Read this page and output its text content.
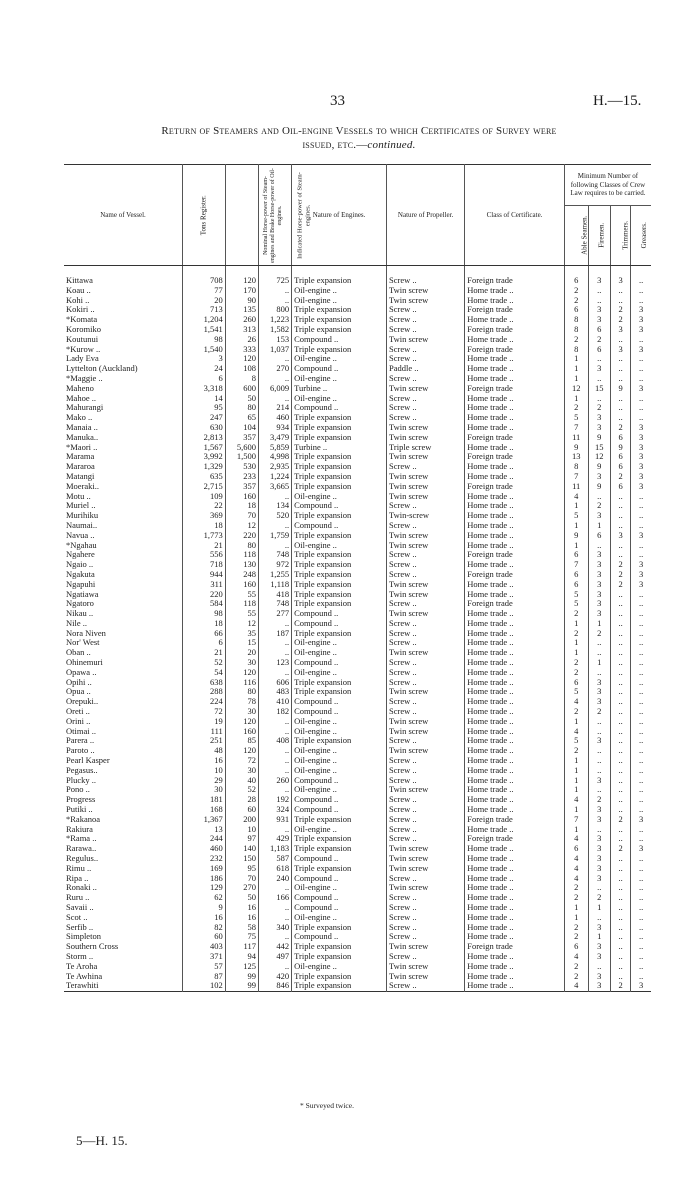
33	H.—15.
Return of Steamers and Oil-engine Vessels to which Certificates of Survey were
issued, etc.—continued.
Name of Vessel.	Tons Register.	Nominal Horse-power of Steam-engines and Brake Horse-power of Oil-engines.	Indicated Horse-power of Steam-engines.	Nature of Engines.	Nature of Propeller.	Class of Certificate.	Minimum Number of following Classes of Crew Law requires to be carried.			
							Able Seamen.	Firemen.	Trimmers.	Greasers.
Kittawa	708	120	725	Triple expansion	Screw ..	Foreign trade	6	3	3	..
Koau ..	77	170	..	Oil-engine ..	Twin screw	Home trade ..	2	..	..	..
Kohi ..	20	90	..	Oil-engine ..	Twin screw	Home trade ..	2	..	..	..
Kokiri ..	713	135	800	Triple expansion	Screw ..	Foreign trade	6	3	2	3
*Komata	1,204	260	1,223	Triple expansion	Screw ..	Home trade ..	8	3	2	3
Koromiko	1,541	313	1,582	Triple expansion	Screw ..	Foreign trade	8	6	3	3
Koutunui	98	26	153	Compound ..	Twin screw	Home trade ..	2	2	..	..
*Kurow ..	1,540	333	1,037	Triple expansion	Screw ..	Foreign trade	8	6	3	3
Lady Eva	3	120	..	Oil-engine ..	Screw ..	Home trade ..	1	..	..	..
Lyttelton (Auckland)	24	108	270	Compound ..	Paddle ..	Home trade ..	1	3	..	..
*Maggie ..	6	8	..	Oil-engine ..	Screw ..	Home trade ..	1	..	..	..
Maheno	3,318	600	6,009	Turbine ..	Twin screw	Foreign trade	12	15	9	3
Mahoe ..	14	50	..	Oil-engine ..	Screw ..	Home trade ..	1	..	..	..
Mahurangi	95	80	214	Compound ..	Screw ..	Home trade ..	2	2	..	..
Mako ..	247	65	460	Triple expansion	Screw ..	Home trade ..	5	3	..	..
Manaia ..	630	104	934	Triple expansion	Twin screw	Home trade ..	7	3	2	3
Manuka..	2,813	357	3,479	Triple expansion	Twin screw	Foreign trade	11	9	6	3
*Maori ..	1,567	5,600	5,859	Turbine ..	Triple screw	Home trade ..	9	15	9	3
Marama	3,992	1,500	4,998	Triple expansion	Twin screw	Foreign trade	13	12	6	3
Mararoa	1,329	530	2,935	Triple expansion	Screw ..	Home trade ..	8	9	6	3
Matangi	635	233	1,224	Triple expansion	Twin screw	Home trade ..	7	3	2	3
Moeraki..	2,715	357	3,665	Triple expansion	Twin screw	Foreign trade	11	9	6	3
Motu ..	109	160	..	Oil-engine ..	Twin screw	Home trade ..	4	..	..	..
Muriel ..	22	18	134	Compound ..	Screw ..	Home trade ..	1	2	..	..
Murihiku	369	70	520	Triple expansion	Twin-screw	Home trade ..	5	3	..	..
Naumai..	18	12	..	Compound ..	Screw ..	Home trade ..	1	1	..	..
Navua ..	1,773	220	1,759	Triple expansion	Twin screw	Home trade ..	9	6	3	3
*Ngahau	21	80	..	Oil-engine ..	Twin screw	Home trade ..	1	..	..	..
Ngahere	556	118	748	Triple expansion	Screw ..	Foreign trade	6	3	..	..
Ngaio ..	718	130	972	Triple expansion	Screw ..	Home trade ..	7	3	2	3
Ngakuta	944	248	1,255	Triple expansion	Screw ..	Foreign trade	6	3	2	3
Ngapuhi	311	160	1,118	Triple expansion	Twin screw	Home trade ..	6	3	2	3
Ngatiawa	220	55	418	Triple expansion	Twin screw	Home trade ..	5	3	..	..
Ngatoro	584	118	748	Triple expansion	Screw ..	Foreign trade	5	3	..	..
Nikau ..	98	55	277	Compound ..	Twin screw	Home trade ..	2	3	..	..
Nile ..	18	12	..	Compound ..	Screw ..	Home trade ..	1	1	..	..
Nora Niven	66	35	187	Triple expansion	Screw ..	Home trade ..	2	2	..	..
Nor' West	6	15	..	Oil-engine ..	Screw ..	Home trade ..	1	..	..	..
Oban ..	21	20	..	Oil-engine ..	Twin screw	Home trade ..	1	..	..	..
Ohinemuri	52	30	123	Compound ..	Screw ..	Home trade ..	2	1	..	..
Opawa ..	54	120	..	Oil-engine ..	Screw ..	Home trade ..	2	..	..	..
Opihi ..	638	116	606	Triple expansion	Screw ..	Home trade ..	6	3	..	..
Opua ..	288	80	483	Triple expansion	Twin screw	Home trade ..	5	3	..	..
Orepuki..	224	78	410	Compound ..	Screw ..	Home trade ..	4	3	..	..
Oreti ..	72	30	182	Compound ..	Screw ..	Home trade ..	2	2	..	..
Orini ..	19	120	..	Oil-engine ..	Twin screw	Home trade ..	1	..	..	..
Otimai ..	111	160	..	Oil-engine ..	Twin screw	Home trade ..	4	..	..	..
Parera ..	251	85	408	Triple expansion	Screw ..	Home trade ..	5	3	..	..
Paroto ..	48	120	..	Oil-engine ..	Twin screw	Home trade ..	2	..	..	..
Pearl Kasper	16	72	..	Oil-engine ..	Screw ..	Home trade ..	1	..	..	..
Pegasus..	10	30	..	Oil-engine ..	Screw ..	Home trade ..	1	..	..	..
Plucky ..	29	40	260	Compound ..	Screw ..	Home trade ..	1	3	..	..
Pono ..	30	52	..	Oil-engine ..	Twin screw	Home trade ..	1	..	..	..
Progress	181	28	192	Compound ..	Screw ..	Home trade ..	4	2	..	..
Putiki ..	168	60	324	Compound ..	Screw ..	Home trade ..	1	3	..	..
*Rakanoa	1,367	200	931	Triple expansion	Screw ..	Foreign trade	7	3	2	3
Rakiura	13	10	..	Oil-engine ..	Screw ..	Home trade ..	1	..	..	..
*Rama ..	244	97	429	Triple expansion	Screw ..	Foreign trade	4	3	..	..
Rarawa..	460	140	1,183	Triple expansion	Twin screw	Home trade ..	6	3	2	3
Regulus..	232	150	587	Compound ..	Twin screw	Home trade ..	4	3	..	..
Rimu ..	169	95	618	Triple expansion	Twin screw	Home trade ..	4	3	..	..
Ripa ..	186	70	240	Compound ..	Screw ..	Home trade ..	4	3	..	..
Ronaki ..	129	270	..	Oil-engine ..	Twin screw	Home trade ..	2	..	..	..
Ruru ..	62	50	166	Compound ..	Screw ..	Home trade ..	2	2	..	..
Savaii ..	9	16	..	Compound ..	Screw ..	Home trade ..	1	1	..	..
Scot ..	16	16	..	Oil-engine ..	Screw ..	Home trade ..	1	..	..	..
Serfib ..	82	58	340	Triple expansion	Screw ..	Home trade ..	2	3	..	..
Simpleton	60	75	..	Compound ..	Screw ..	Home trade ..	2	1	..	..
Southern Cross	403	117	442	Triple expansion	Twin screw	Foreign trade	6	3	..	..
Storm ..	371	94	497	Triple expansion	Screw ..	Home trade ..	4	3	..	..
Te Aroha	57	125	..	Oil-engine ..	Twin screw	Home trade ..	2	..	..	..
Te Awhina	87	99	420	Triple expansion	Twin screw	Home trade ..	2	3	..	..
Terawhiti	102	99	846	Triple expansion	Screw ..	Home trade ..	4	3	2	3

* Surveyed twice.
5—H. 15.
